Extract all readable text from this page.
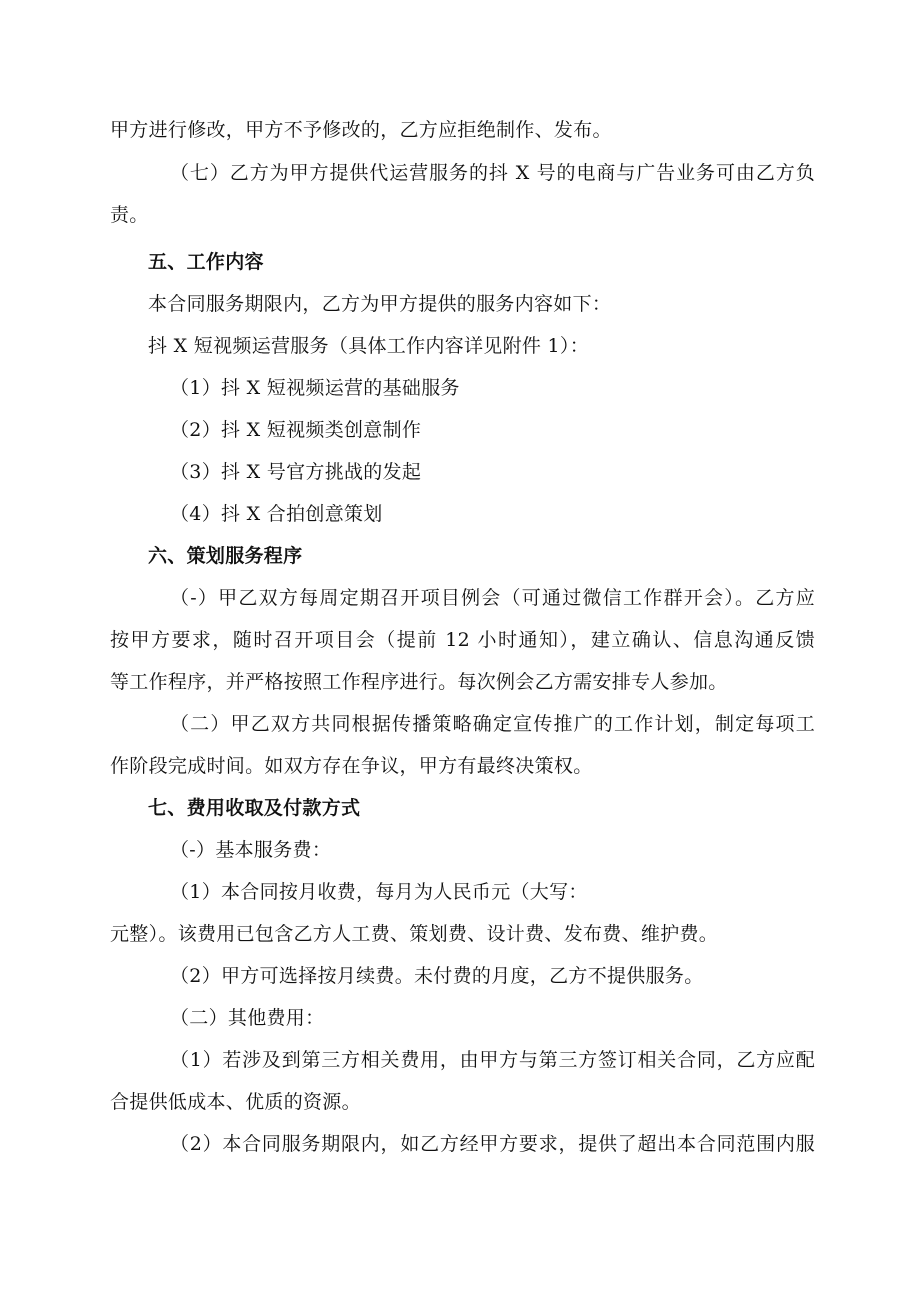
甲方进行修改，甲方不予修改的，乙方应拒绝制作、发布。
（七）乙方为甲方提供代运营服务的抖 X 号的电商与广告业务可由乙方负
责。
五、工作内容
本合同服务期限内，乙方为甲方提供的服务内容如下：
抖 X 短视频运营服务（具体工作内容详见附件 1）：
（1）抖 X 短视频运营的基础服务
（2）抖 X 短视频类创意制作
（3）抖 X 号官方挑战的发起
（4）抖 X 合拍创意策划
六、策划服务程序
（-）甲乙双方每周定期召开项目例会（可通过微信工作群开会）。乙方应
按甲方要求，随时召开项目会（提前 12 小时通知），建立确认、信息沟通反馈
等工作程序，并严格按照工作程序进行。每次例会乙方需安排专人参加。
（二）甲乙双方共同根据传播策略确定宣传推广的工作计划，制定每项工
作阶段完成时间。如双方存在争议，甲方有最终决策权。
七、费用收取及付款方式
（-）基本服务费：
（1）本合同按月收费，每月为人民币元（大写：
元整）。该费用已包含乙方人工费、策划费、设计费、发布费、维护费。
（2）甲方可选择按月续费。未付费的月度，乙方不提供服务。
（二）其他费用：
（1）若涉及到第三方相关费用，由甲方与第三方签订相关合同，乙方应配
合提供低成本、优质的资源。
（2）本合同服务期限内，如乙方经甲方要求，提供了超出本合同范围内服
